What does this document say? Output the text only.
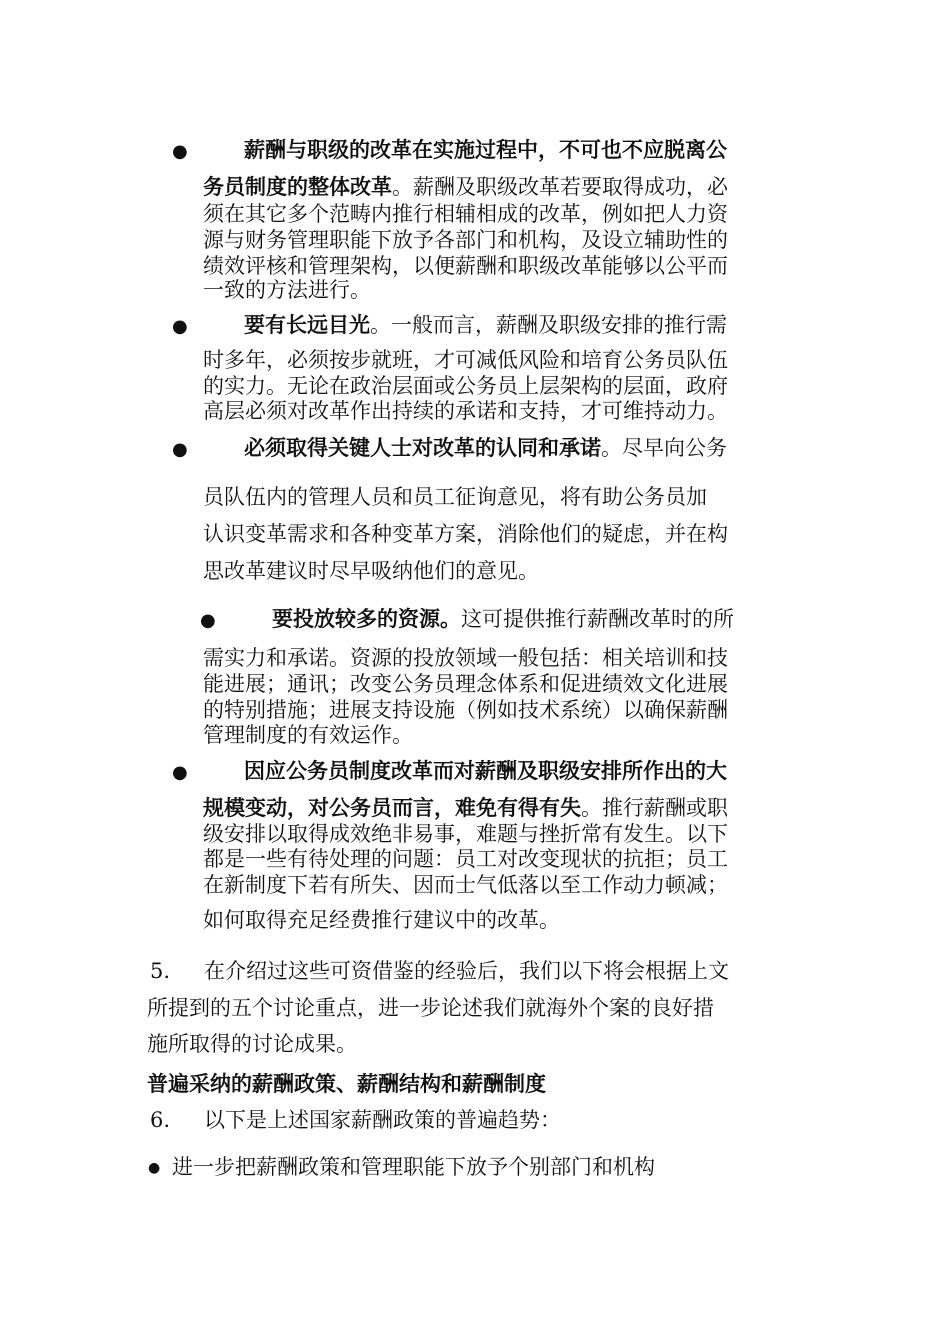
●	薪酬与职级的改革在实施过程中，不可也不应脱离公
务员制度的整体改革。薪酬及职级改革若要取得成功，必
须在其它多个范畴内推行相辅相成的改革，例如把人力资
源与财务管理职能下放予各部门和机构，及设立辅助性的
绩效评核和管理架构，以便薪酬和职级改革能够以公平而
一致的方法进行。
●	要有长远目光。一般而言，薪酬及职级安排的推行需
时多年，必须按步就班，才可减低风险和培育公务员队伍
的实力。无论在政治层面或公务员上层架构的层面，政府
高层必须对改革作出持续的承诺和支持，才可维持动力。
●	必须取得关键人士对改革的认同和承诺。尽早向公务
员队伍内的管理人员和员工征询意见，将有助公务员加
认识变革需求和各种变革方案，消除他们的疑虑，并在构
思改革建议时尽早吸纳他们的意见。
●	要投放较多的资源。这可提供推行薪酬改革时的所
需实力和承诺。资源的投放领域一般包括：相关培训和技
能进展；通讯；改变公务员理念体系和促进绩效文化进展
的特别措施；进展支持设施（例如技术系统）以确保薪酬
管理制度的有效运作。
●	因应公务员制度改革而对薪酬及职级安排所作出的大
规模变动，对公务员而言，难免有得有失。推行薪酬或职
级安排以取得成效绝非易事，难题与挫折常有发生。以下
都是一些有待处理的问题：员工对改变现状的抗拒；员工
在新制度下若有所失、因而士气低落以至工作动力顿减；
如何取得充足经费推行建议中的改革。
5. 在介绍过这些可资借鉴的经验后，我们以下将会根据上文
所提到的五个讨论重点，进一步论述我们就海外个案的良好措
施所取得的讨论成果。
普遍采纳的薪酬政策、薪酬结构和薪酬制度
6. 以下是上述国家薪酬政策的普遍趋势：
● 进一步把薪酬政策和管理职能下放予个别部门和机构
